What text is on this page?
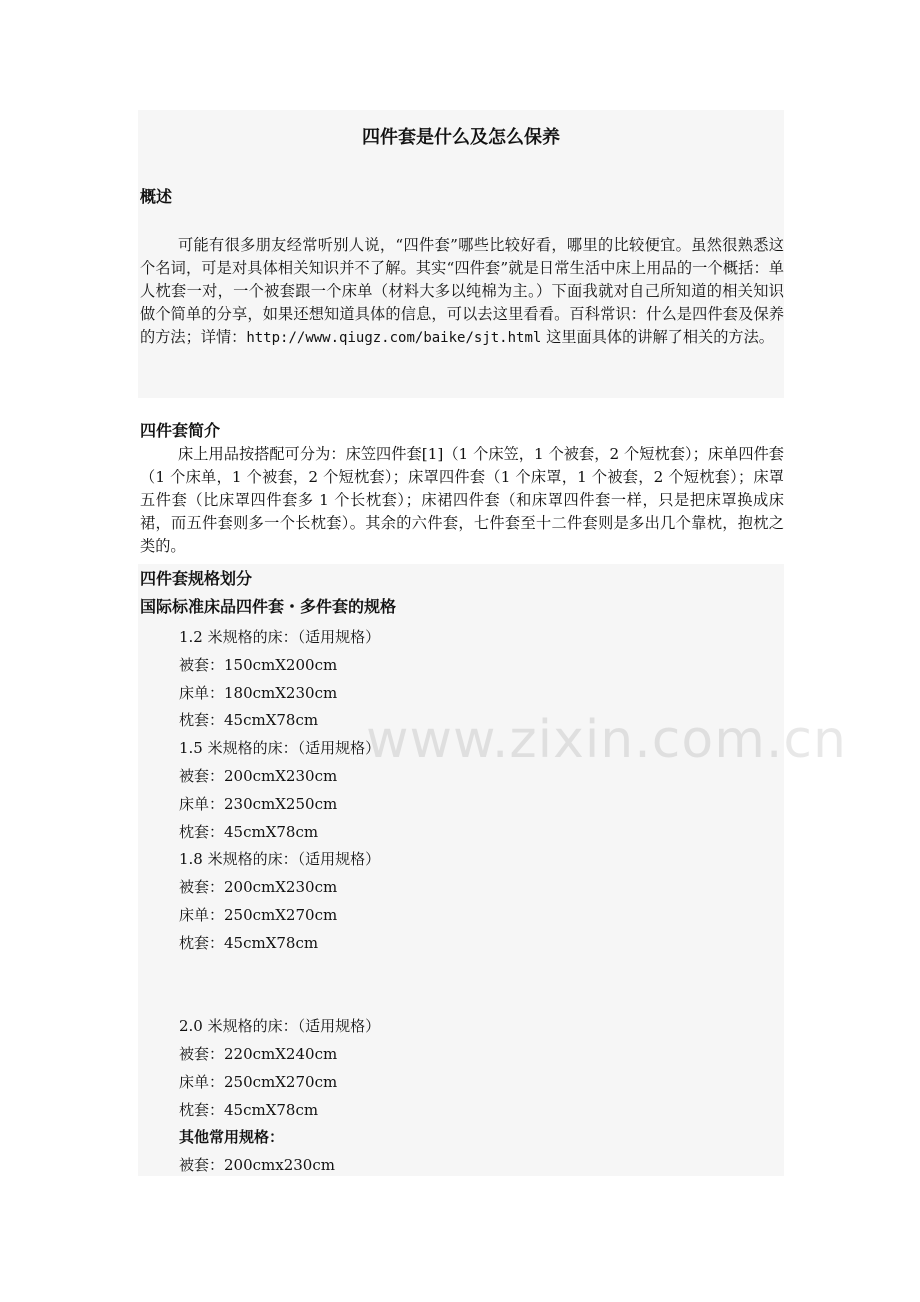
四件套是什么及怎么保养
概述
可能有很多朋友经常听别人说，“四件套”哪些比较好看，哪里的比较便宜。虽然很熟悉这个名词，可是对具体相关知识并不了解。其实“四件套”就是日常生活中床上用品的一个概括：单人枕套一对，一个被套跟一个床单（材料大多以纯棉为主。）下面我就对自己所知道的相关知识做个简单的分享，如果还想知道具体的信息，可以去这里看看。百科常识：什么是四件套及保养的方法；详情：http://www.qiugz.com/baike/sjt.html 这里面具体的讲解了相关的方法。
四件套简介
床上用品按搭配可分为：床笠四件套[1]（1 个床笠，1 个被套，2 个短枕套）；床单四件套（1 个床单，1 个被套，2 个短枕套）；床罩四件套（1 个床罩，1 个被套，2 个短枕套）；床罩五件套（比床罩四件套多 1 个长枕套）；床裙四件套（和床罩四件套一样，只是把床罩换成床裙，而五件套则多一个长枕套）。其余的六件套，七件套至十二件套则是多出几个靠枕，抱枕之类的。
四件套规格划分
国际标准床品四件套・多件套的规格
1.2 米规格的床：（适用规格）
被套：150cmX200cm
床单：180cmX230cm
枕套：45cmX78cm
1.5 米规格的床：（适用规格）
被套：200cmX230cm
床单：230cmX250cm
枕套：45cmX78cm
1.8 米规格的床：（适用规格）
被套：200cmX230cm
床单：250cmX270cm
枕套：45cmX78cm
2.0 米规格的床：（适用规格）
被套：220cmX240cm
床单：250cmX270cm
枕套：45cmX78cm
其他常用规格：
被套：200cmx230cm
